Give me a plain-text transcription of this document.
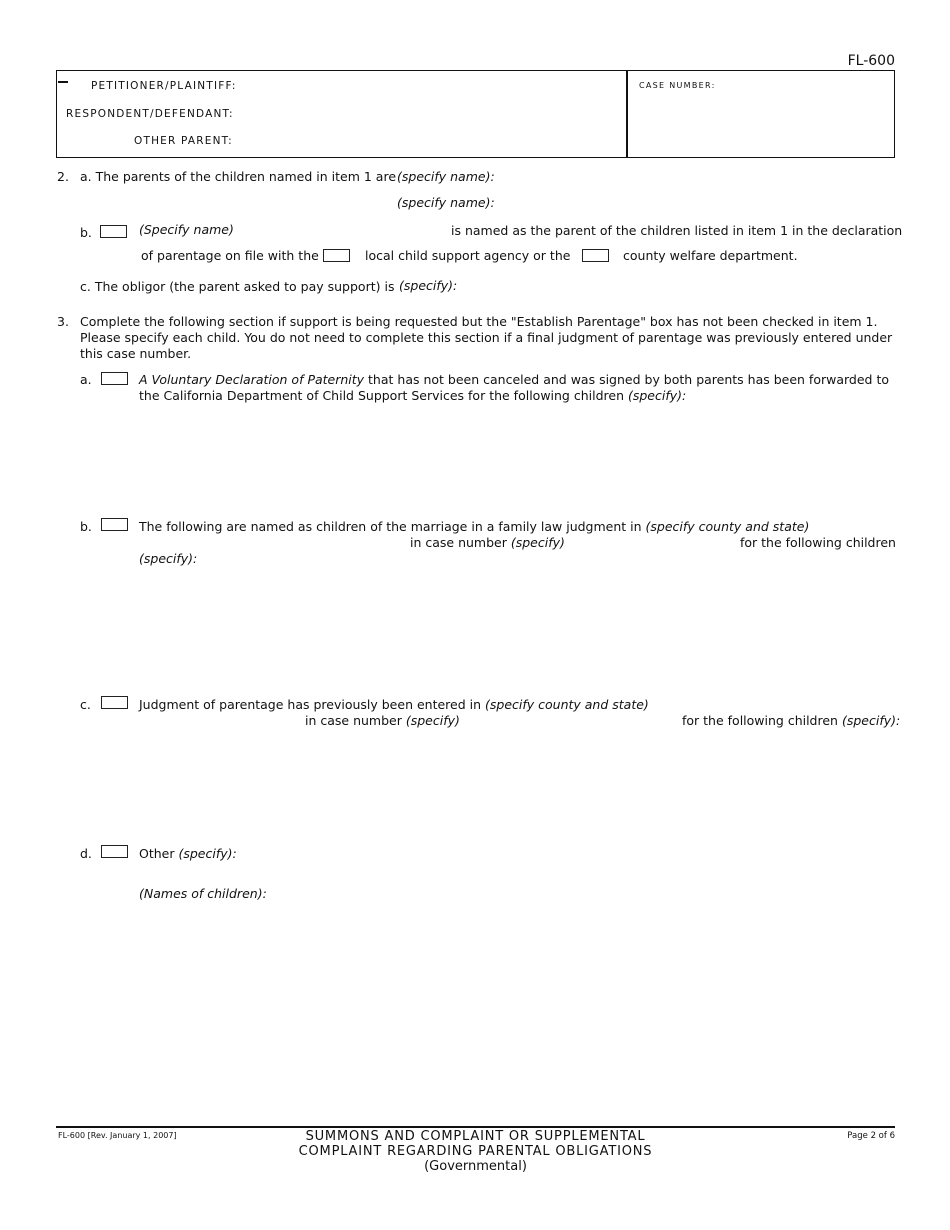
FL-600
PETITIONER/PLAINTIFF:
RESPONDENT/DEFENDANT:
OTHER PARENT:
CASE NUMBER:
2. a. The parents of the children named in item 1 are (specify name):
(specify name):
b.	(Specify name)	is named as the parent of the children listed in item 1 in the declaration
of parentage on file with the	local child support agency or the	county welfare department.
c. The obligor (the parent asked to pay support) is (specify):
3. Complete the following section if support is being requested but the "Establish Parentage" box has not been checked in item 1.
Please specify each child. You do not need to complete this section if a final judgment of parentage was previously entered under
this case number.
a.	A Voluntary Declaration of Paternity that has not been canceled and was signed by both parents has been forwarded to
the California Department of Child Support Services for the following children (specify):
b.	The following are named as children of the marriage in a family law judgment in (specify county and state)
in case number (specify)	for the following children
(specify):
c.	Judgment of parentage has previously been entered in (specify county and state)
in case number (specify)	for the following children (specify):
d.	Other (specify):
(Names of children):
FL-600 [Rev. January 1, 2007]	SUMMONS AND COMPLAINT OR SUPPLEMENTAL
COMPLAINT REGARDING PARENTAL OBLIGATIONS
(Governmental)
Page 2 of 6
